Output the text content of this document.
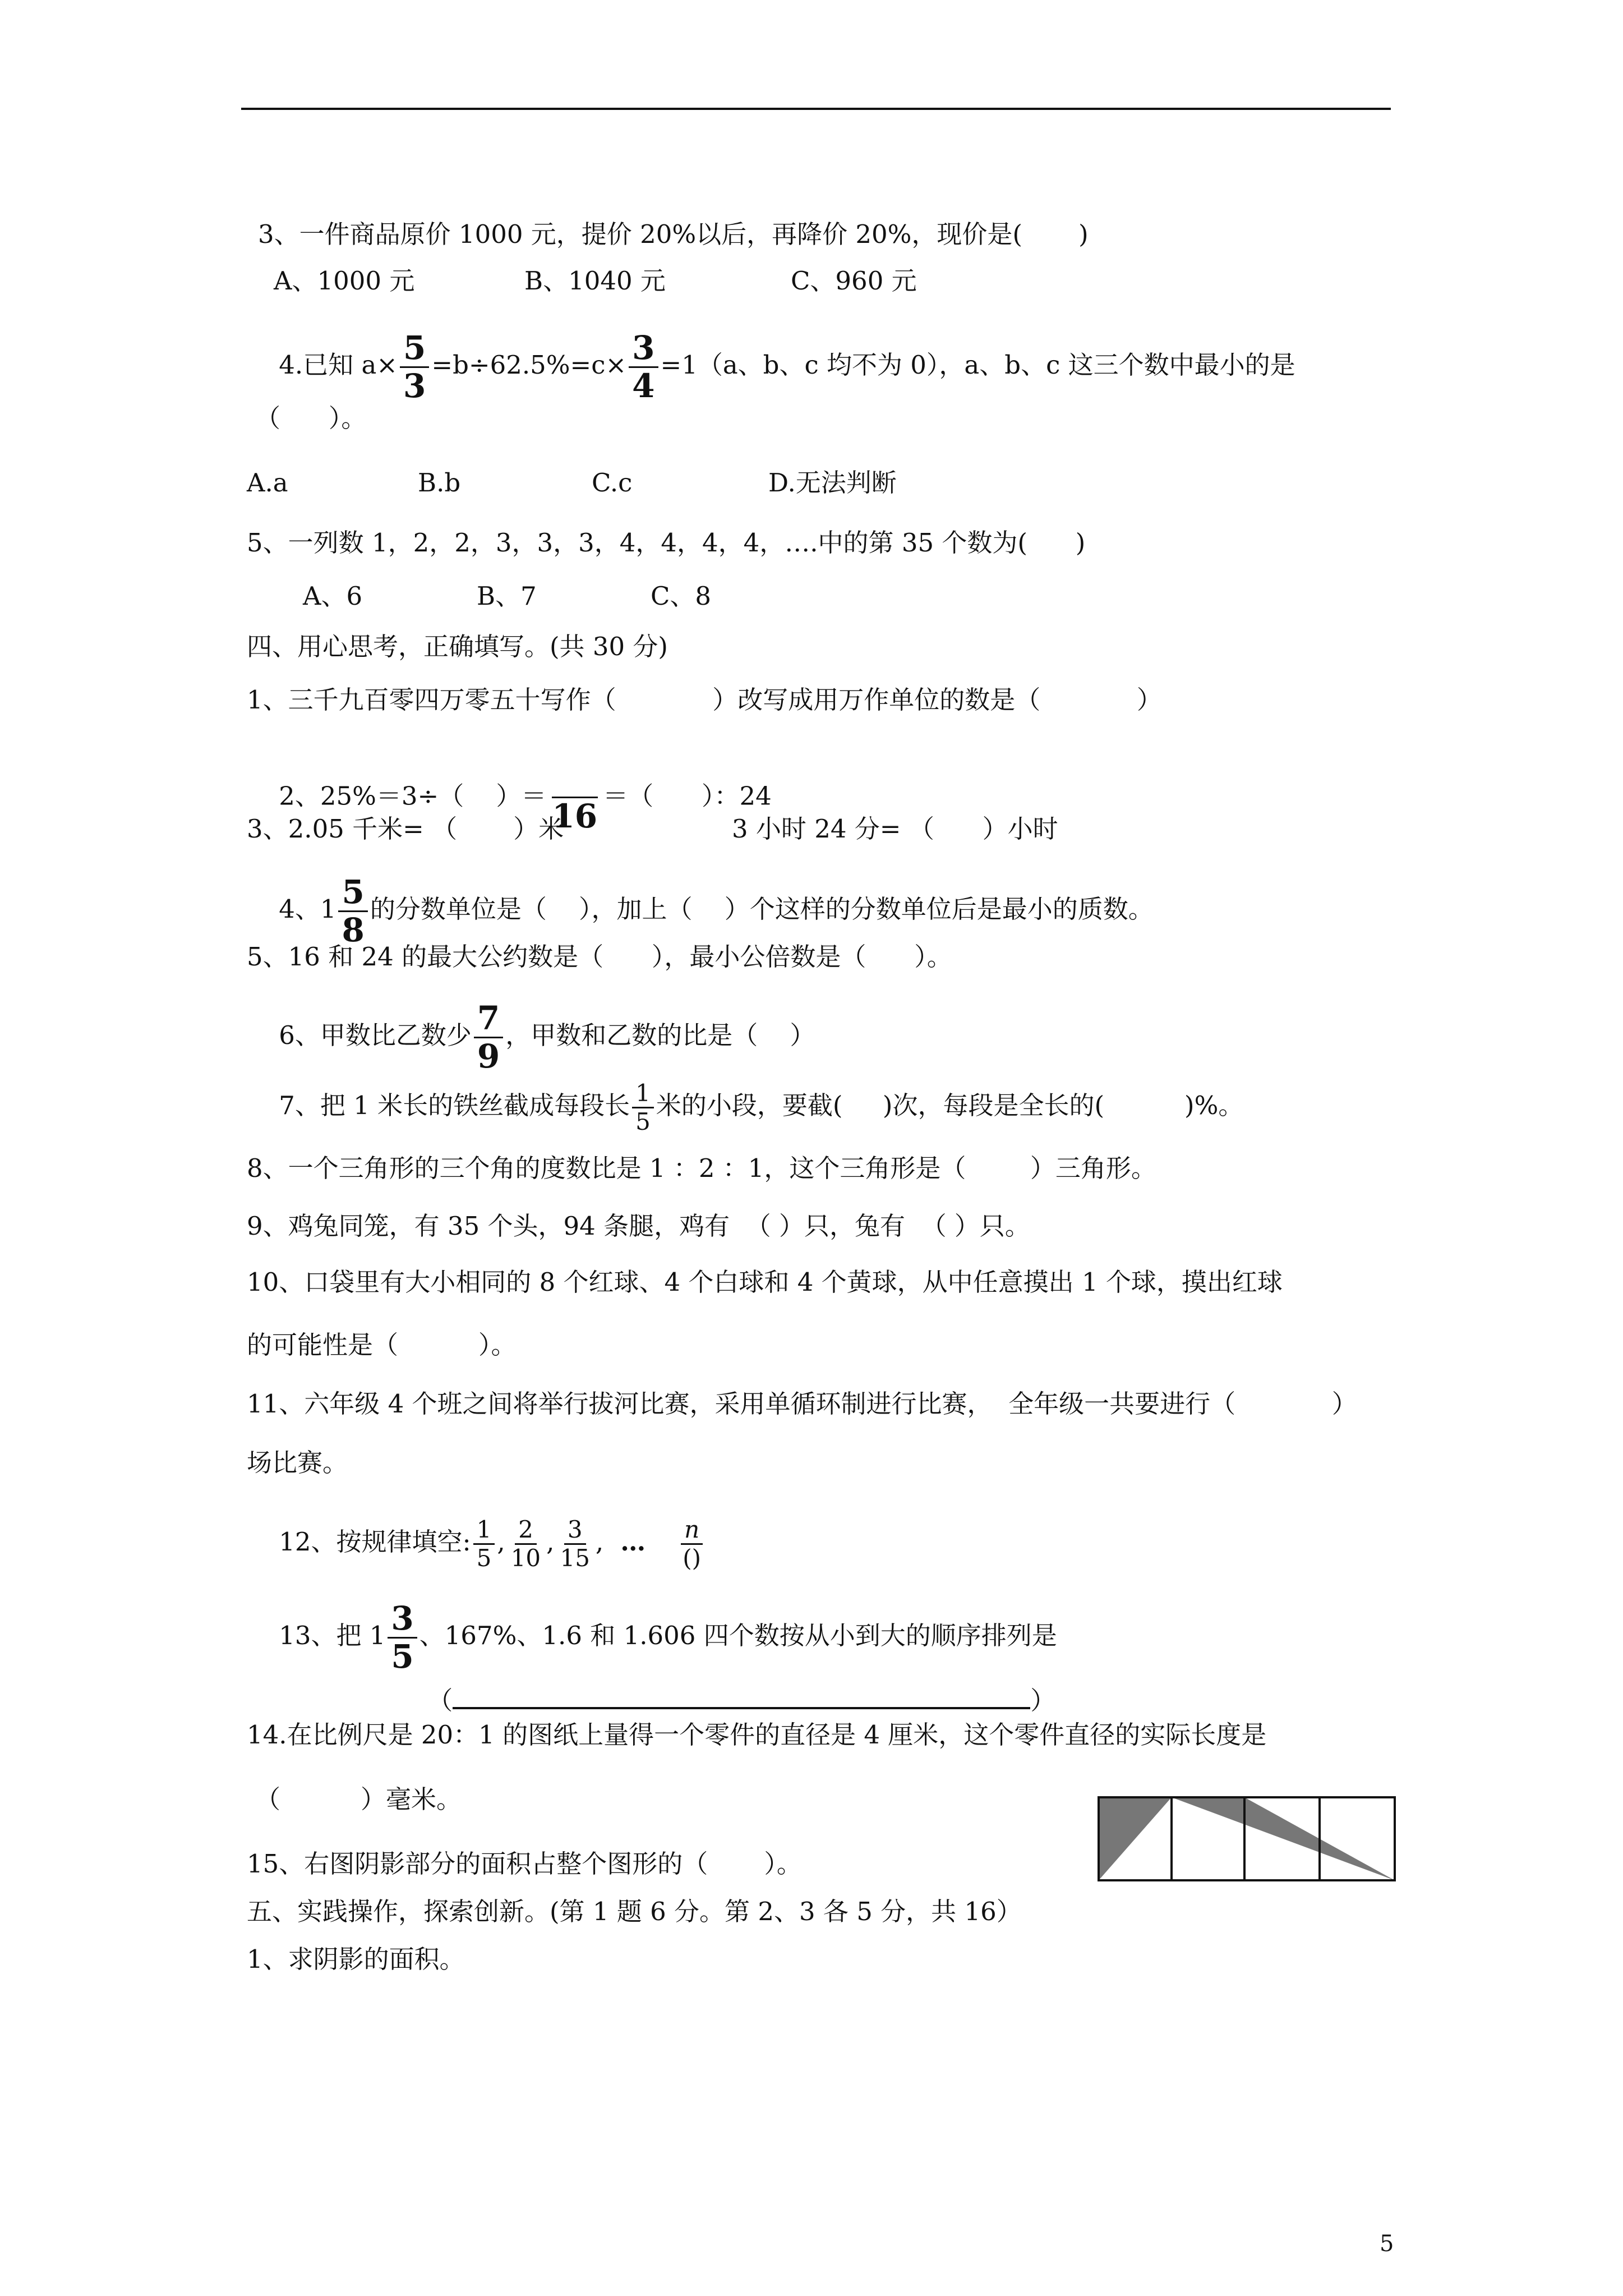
3、一件商品原价 1000 元，提价 20%以后，再降价 20%，现价是(       )
A、1000 元	B、1040 元	C、960 元

4.已知 $a\times \frac{5}{3} =b\div 62.5\%=c\times \frac{3}{4} =1(a$、b、c 均不为 0），a、b、c 这三个数中最小的是

（      ）。
A.a	B.b	C.c	D.无法判断
5、一列数 1，2，2，3，3，3，4，4，4，4，….中的第 35 个数为(      )
A、6	B、7	C、8
四、用心思考，正确填写。(共 30 分)
1、三千九百零四万零五十写作（            ）改写成用万作单位的数是（            ）

2、25%＝3÷（    ）＝
16
＝（      ）：24

3、2.05 千米= （       ）米	3 小时 24 分= （      ）小时

4、$1 \frac{5}{8}$ 的分数单位是（    ），加上（    ）个这样的分数单位后是最小的质数。

5、16 和 24 的最大公约数是（      ），最小公倍数是（      ）。

6、甲数比乙数少 $\frac{7}{9}$ ，甲数和乙数的比是（    ）

7、把 1 米长的铁丝截成每段长 $\frac{1}{5}$ 米的小段，要截(     )次，每段是全长的(          )%。

8、一个三角形的三个角的度数比是 1 ：2 ：1，这个三角形是（        ）三角形。
9、鸡兔同笼，有 35 个头，94 条腿，鸡有  （ ）只，兔有  （ ）只。
10、口袋里有大小相同的 8 个红球、4 个白球和 4 个黄球，从中任意摸出 1 个球，摸出红球
的可能性是（          ）。
11、六年级 4 个班之间将举行拔河比赛，采用单循环制进行比赛，  全年级一共要进行（            ）
场比赛。

12、按规律填空: $\frac{1}{5}$ , $\frac{2}{10}$ , $\frac{3}{15}$ , … $\frac{n}{()}$

13、把 $1 \frac{3}{5}$ 、167%、1.6 和 1.606 四个数按从小到大的顺序排列是

（	）

14.在比例尺是 20：1 的图纸上量得一个零件的直径是 4 厘米，这个零件直径的实际长度是
（          ）毫米。
15、右图阴影部分的面积占整个图形的（       ）。
五、实践操作，探索创新。(第 1 题 6 分。第 2、3 各 5 分，共 16）
1、求阴影的面积。
5
